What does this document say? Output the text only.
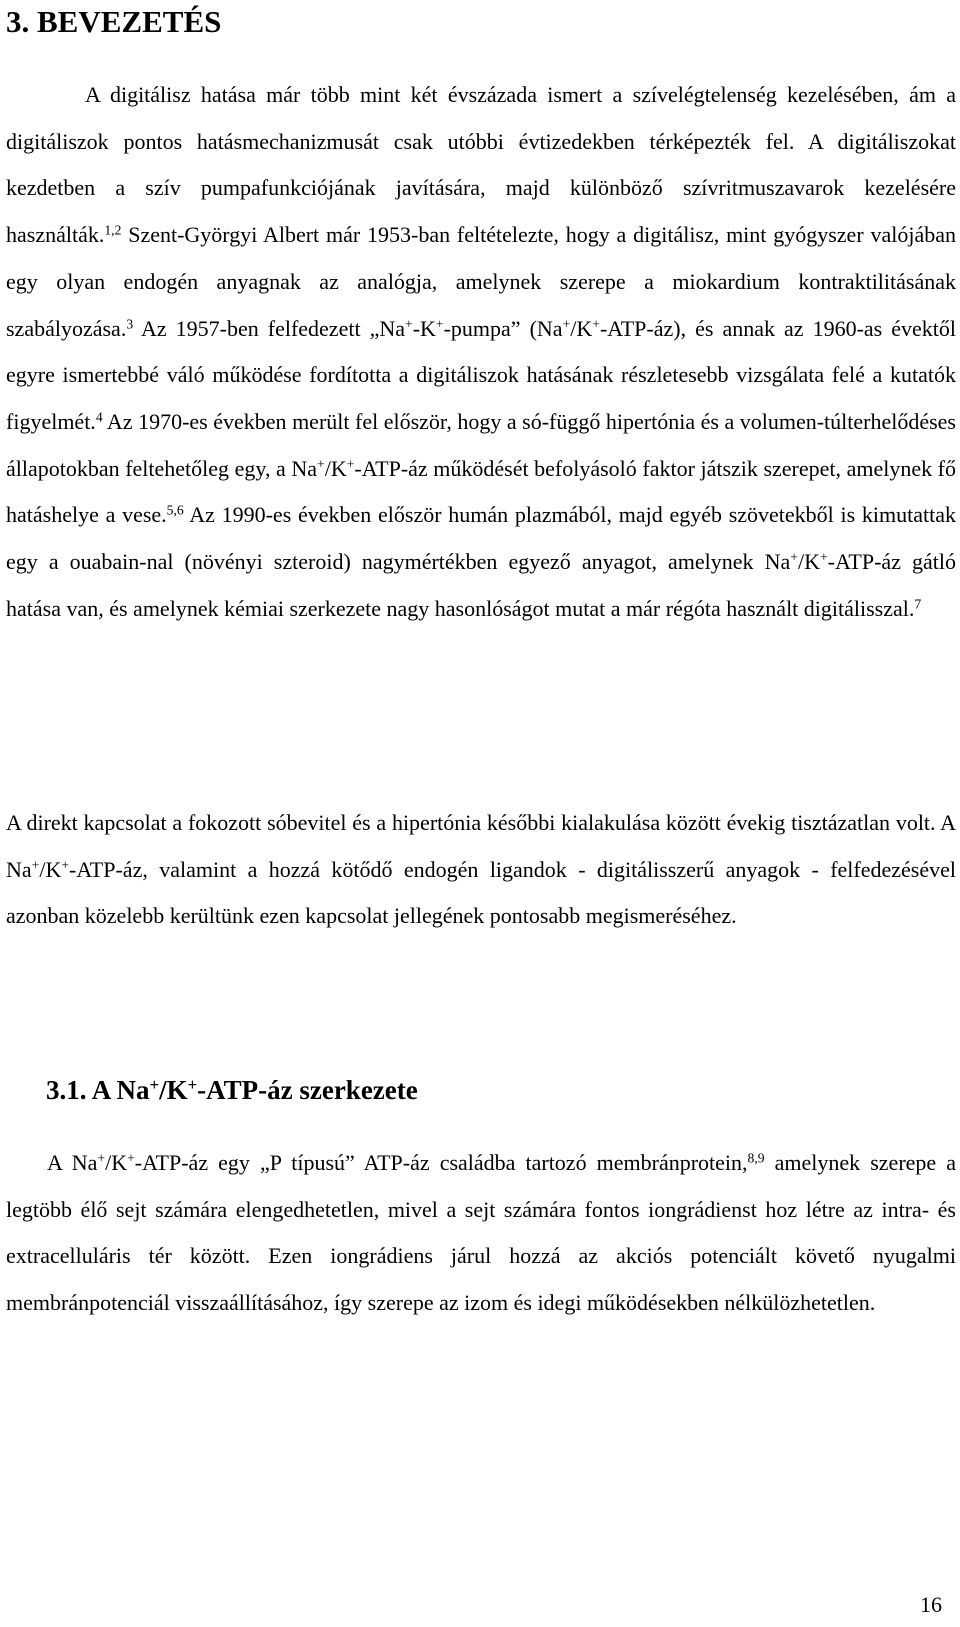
3. BEVEZETÉS

A digitálisz hatása már több mint két évszázada ismert a szívelégtelenség kezelésében, ám a digitáliszok pontos hatásmechanizmusát csak utóbbi évtizedekben térképezték fel. A digitáliszokat kezdetben a szív pumpafunkciójának javítására, majd különböző szívritmuszavarok kezelésére használták.$^{1,2}$ Szent-Györgyi Albert már 1953-ban feltételezte, hogy a digitálisz, mint gyógyszer valójában egy olyan endogén anyagnak az analógja, amelynek szerepe a miokardium kontraktilitásának szabályozása.$^3$ Az 1957-ben felfedezett „Na+-K+-pumpa” (Na+/K+-ATP-áz), és annak az 1960-as évektől egyre ismertebbé váló működése fordította a digitáliszok hatásának részletesebb vizsgálata felé a kutatók figyelmét.$^4$ Az 1970-es években merült fel először, hogy a só-függő hipertónia és a volumen-túlterhelődéses állapotokban feltehetőleg egy, a Na+/K+-ATP-áz működését befolyásoló faktor játszik szerepet, amelynek fő hatáshelye a vese.$^{5,6}$ Az 1990-es években először humán plazmából, majd egyéb szövetekből is kimutattak egy a ouabain-nal (növényi szteroid) nagymértékben egyező anyagot, amelynek Na+/K+-ATP-áz gátló hatása van, és amelynek kémiai szerkezete nagy hasonlóságot mutat a már régóta használt digitálisszal.$^7$

A direkt kapcsolat a fokozott sóbevitel és a hipertónia későbbi kialakulása között évekig tisztázatlan volt. A Na+/K+-ATP-áz, valamint a hozzá kötődő endogén ligandok - digitálisszerű anyagok - felfedezésével azonban közelebb kerültünk ezen kapcsolat jellegének pontosabb megismeréséhez.

3.1. A Na+/K+-ATP-áz szerkezete

A Na+/K+-ATP-áz egy „P típusú” ATP-áz családba tartozó membránprotein,$^{8,9}$ amelynek szerepe a legtöbb élő sejt számára elengedhetetlen, mivel a sejt számára fontos iongrádienst hoz létre az intra- és extracelluláris tér között. Ezen iongrádiens járul hozzá az akciós potenciált követő nyugalmi membránpotenciál visszaállításához, így szerepe az izom és idegi működésekben nélkülözhetetlen.

16
